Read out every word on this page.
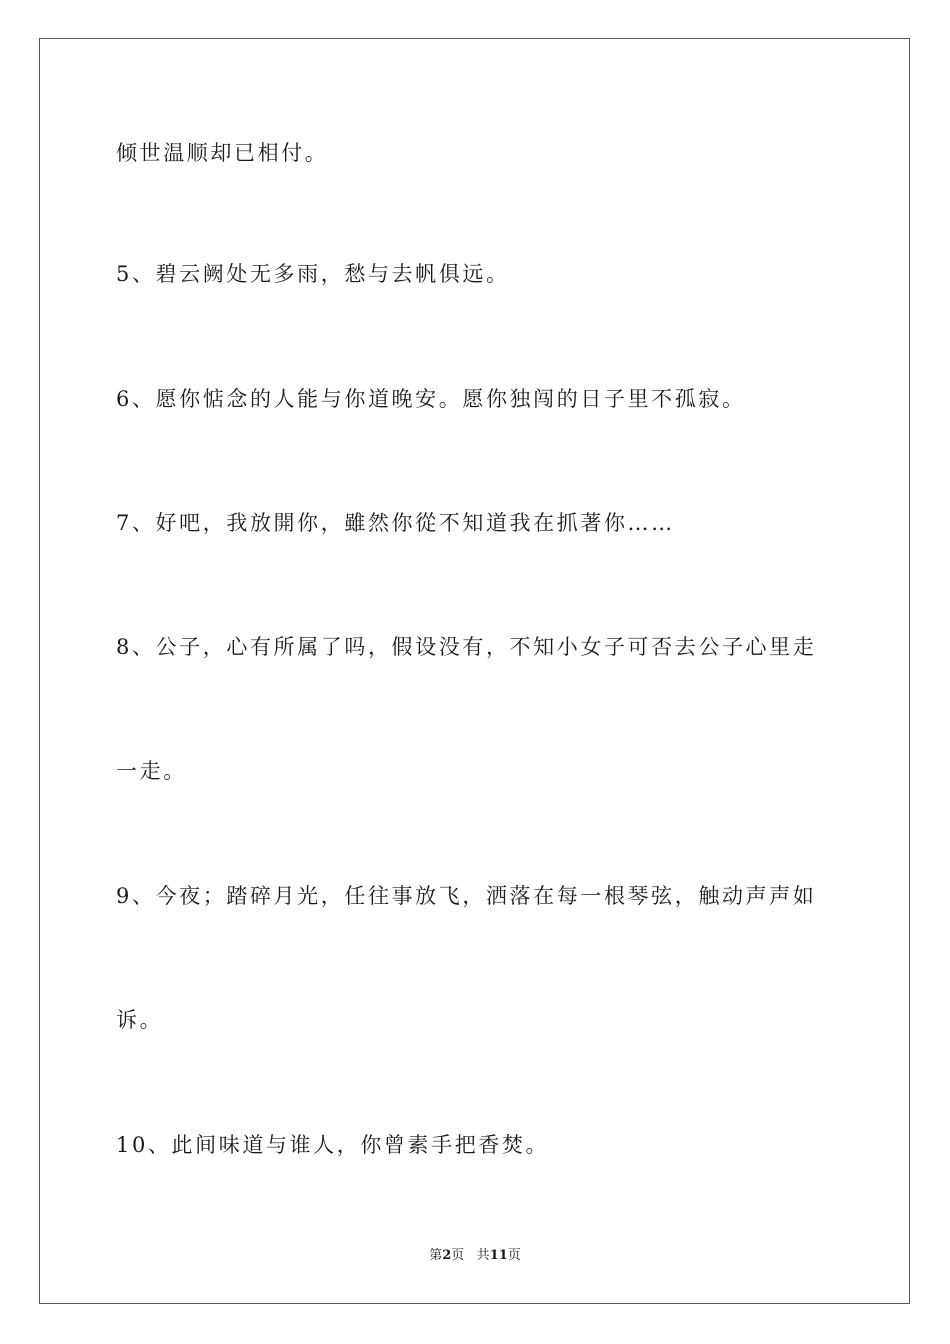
倾世温顺却已相付。
5、碧云阙处无多雨，愁与去帆俱远。
6、愿你惦念的人能与你道晚安。愿你独闯的日子里不孤寂。
7、好吧，我放開你，雖然你從不知道我在抓著你……
8、公子，心有所属了吗，假设没有，不知小女子可否去公子心里走
一走。
9、今夜；踏碎月光，任往事放飞，洒落在每一根琴弦，触动声声如
诉。
10、此间味道与谁人，你曾素手把香焚。
第2页 共11页
